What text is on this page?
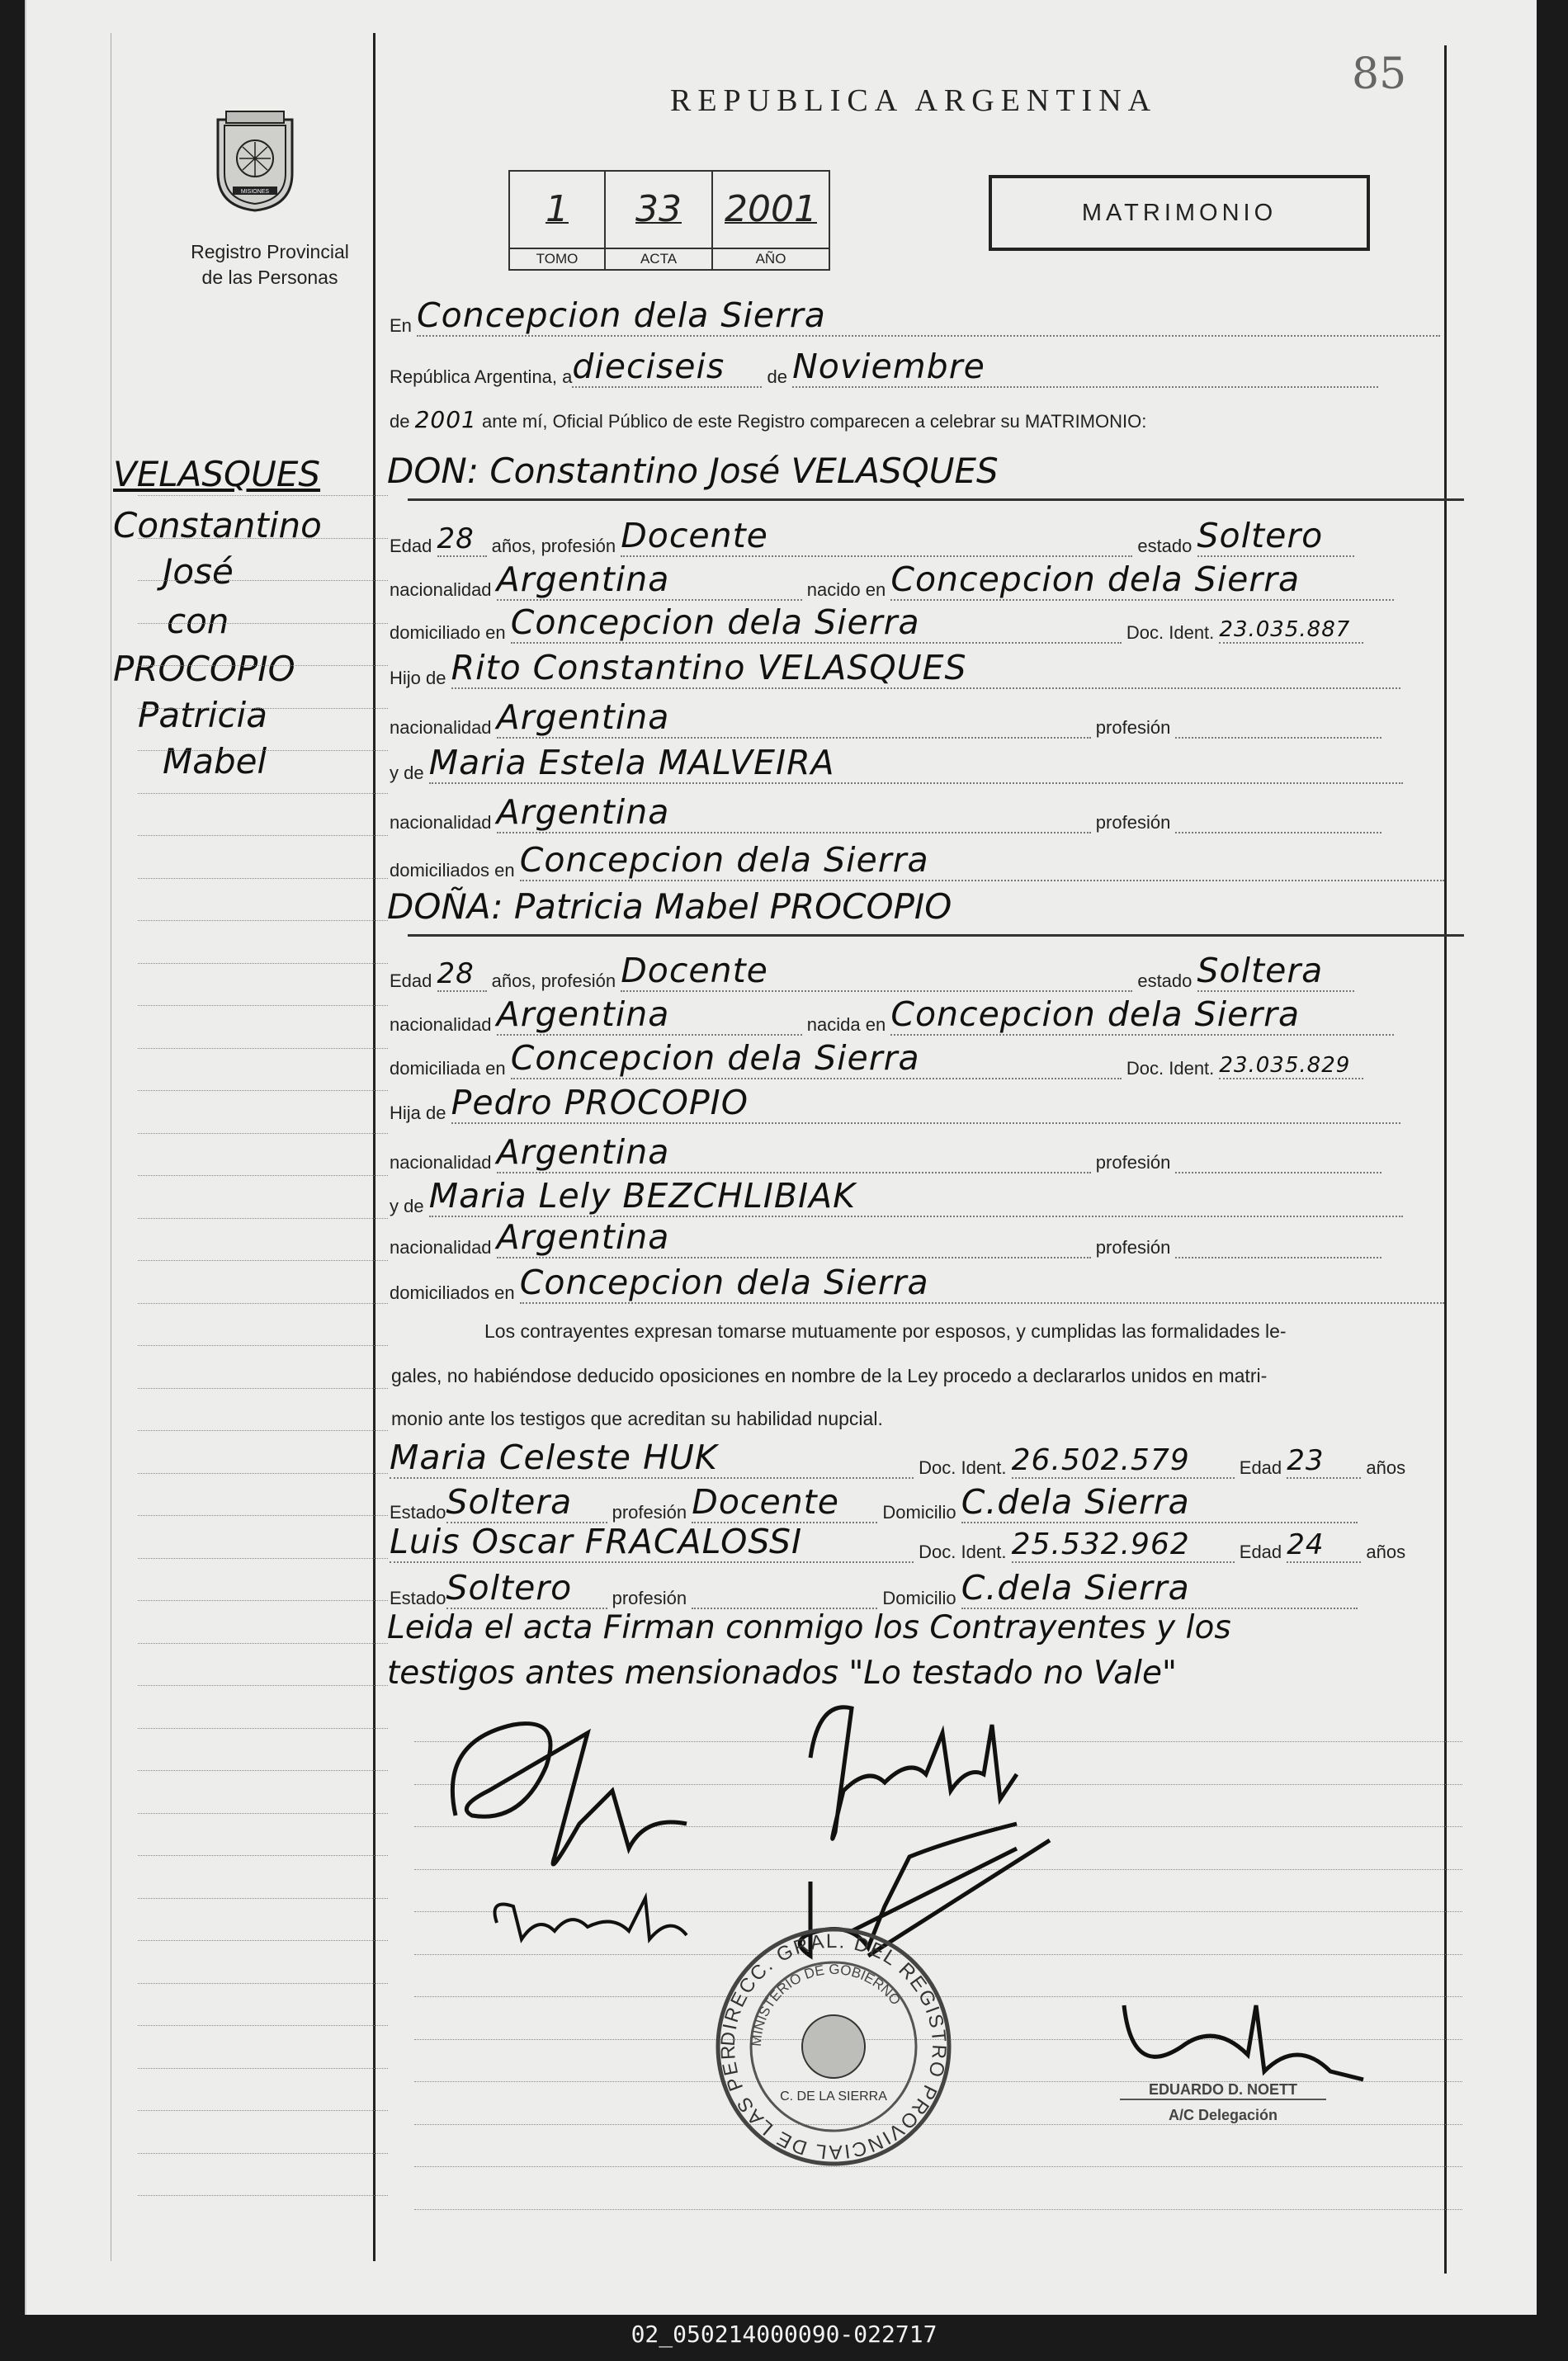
85
REPUBLICA ARGENTINA
MISIONES
Registro Provincial
de las Personas
1
TOMO
33
ACTA
2001
AÑO
MATRIMONIO
En Concepcion dela Sierra
República Argentina, adieciseis de Noviembre
de 2001 ante mí, Oficial Público de este Registro comparecen a celebrar su MATRIMONIO:
VELASQUES
Constantino
José
con
PROCOPIO
Patricia
Mabel
DON: Constantino José VELASQUES
Edad 28 años, profesión Docente	estado Soltero
nacionalidad Argentina	nacido en Concepcion dela Sierra
domiciliado en Concepcion dela Sierra	Doc. Ident. 23.035.887
Hijo de Rito Constantino VELASQUES
nacionalidad Argentina	profesión
y de Maria Estela MALVEIRA
nacionalidad Argentina	profesión
domiciliados en Concepcion dela Sierra
DOÑA: Patricia Mabel PROCOPIO
Edad 28 años, profesión Docente	estado Soltera
nacionalidad Argentina	nacida en Concepcion dela Sierra
domiciliada en Concepcion dela Sierra	Doc. Ident. 23.035.829
Hija de Pedro PROCOPIO
nacionalidad Argentina	profesión
y de Maria Lely BEZCHLIBIAK
nacionalidad Argentina	profesión
domiciliados en Concepcion dela Sierra
Los contrayentes expresan tomarse mutuamente por esposos, y cumplidas las formalidades le-
gales, no habiéndose deducido oposiciones en nombre de la Ley procedo a declararlos unidos en matri-
monio ante los testigos que acreditan su habilidad nupcial.
Maria Celeste HUK	Doc. Ident. 26.502.579	Edad 23 años
EstadoSoltera profesión Docente Domicilio C.dela Sierra
Luis Oscar FRACALOSSI	Doc. Ident. 25.532.962	Edad 24 años
EstadoSoltero profesión	Domicilio C.dela Sierra
Leida el acta Firman conmigo los Contrayentes y los
testigos antes mensionados "Lo testado no Vale"
DIRECC. GRAL. DEL REGISTRO PROVINCIAL DE LAS PER
MINISTERIO DE GOBIERNO
C. DE LA SIERRA	EDUARDO D. NOETT
A/C Delegación
02_050214000090-022717
